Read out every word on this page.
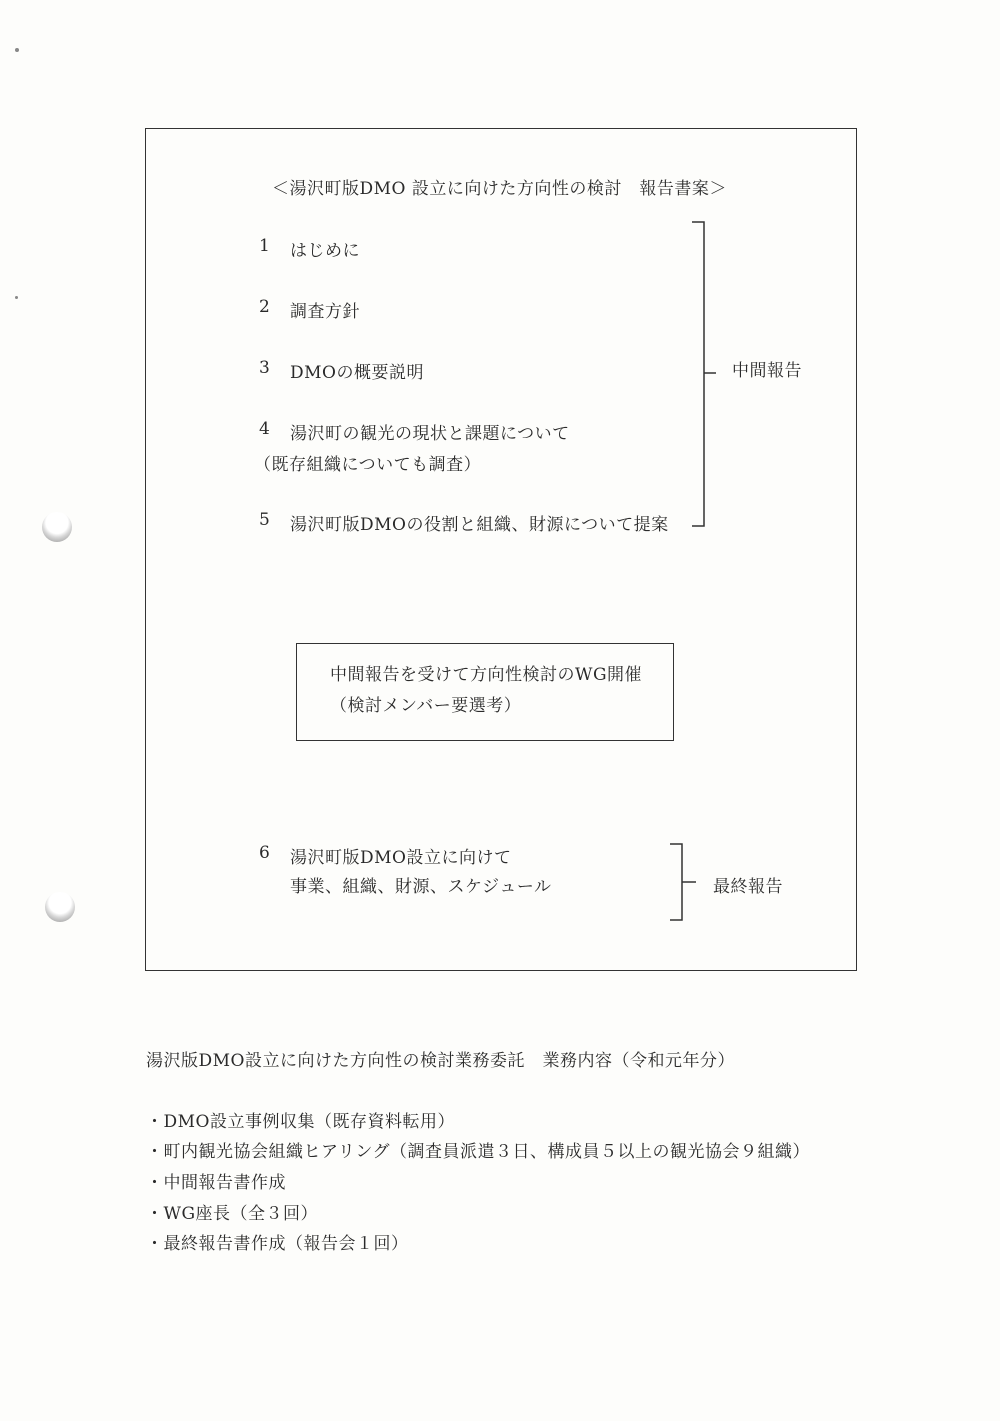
＜湯沢町版DMO 設立に向けた方向性の検討　報告書案＞
1 はじめに
2 調査方針
3 DMOの概要説明
4 湯沢町の観光の現状と課題について
（既存組織についても調査）
5 湯沢町版DMOの役割と組織、財源について提案
中間報告
中間報告を受けて方向性検討のWG開催
（検討メンバー要選考）
6 湯沢町版DMO設立に向けて
事業、組織、財源、スケジュール	最終報告
湯沢版DMO設立に向けた方向性の検討業務委託　業務内容（令和元年分）
・DMO設立事例収集（既存資料転用）
・町内観光協会組織ヒアリング（調査員派遣３日、構成員５以上の観光協会９組織）
・中間報告書作成
・WG座長（全３回）
・最終報告書作成（報告会１回）
